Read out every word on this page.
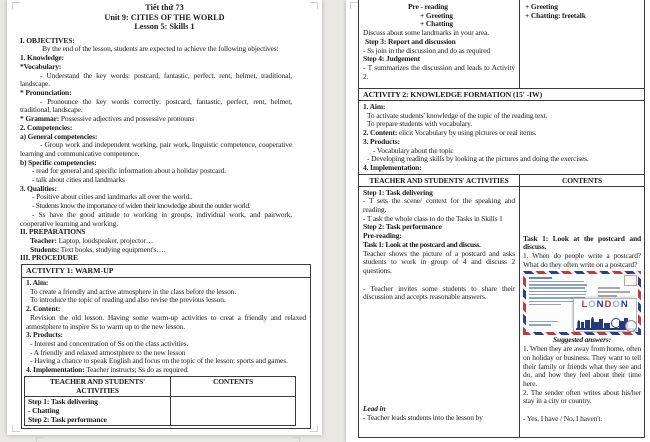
Tiết thứ 73
Unit 9: CITIES OF THE WORLD
Lesson 5: Skills 1
I. OBJECTIVES:
By the end of the lesson, students are expected to achieve the following objectives:
1. Knowledge:
*Vocabulary:
- Understand the key words: postcard, fantastic, perfect, rent, helmet, traditional, landscape.
* Pronunciation:
- Pronounce the key words correctly: postcard, fantastic, perfect, rent, helmet, traditional, landscape.
* Grammar: Possessive adjectives and possessive pronouns
2. Competencies:
a) General competencies:
- Group work and independent working, pair work, linguistic competence, cooperative learning and communicative competence.
b) Specific competencies:
- read for general and specific information about a holiday postcard.
- talk about cities and landmarks
3. Qualities:
- Positive about cities and landmarks all over the world..
- Students know the importance of widen their knowledge about the outder world.
- Ss have the good attitude to working in groups, individual work, and pairwork, cooperative learning and working.
II. PREPARATIONS
Teacher: Laptop, loudspeaker, projector…
Students: Text books, studying equipment's….
III. PROCEDURE
ACTIVITY 1: WARM-UP
1. Aim:
To create a friendly and active atmosphere in the class before the lesson.
To introduce the topic of reading and also revise the previous lesson.
2. Content:
Revision the old lesson. Having some warm-up activities to creat a friendly and relaxed atmostphere to inspire Ss to warm up to the new lesson.
3. Products:
- Interest and concentration of Ss on the class activities.
- A friendly and relaxed atmostphere to the new lesson
- Having a chance to speak English and focus on the topic of the lesson: sports and games.
4. Implementation: Teacher instructs; Ss do as required.
TEACHER AND STUDENTS' ACTIVITIES
CONTENTS
Step 1: Task delivering
- Chatting
Step 2: Task performance
Pre - reading
+ Greeting
+ Chatting
Discuss about some landmarks in your area.
Step 3: Report and discussion
- Ss join in the discussion and do as required
Step 4: Judgement
- T summarizes the discussion and leads to Activity 2.
+ Greeting
+ Chatting: freetalk
ACTIVITY 2: KNOWLEDGE FORMATION (15' -IW)
1. Aim:
To activate students' knowledge of the topic of the reading text.
To prepare students with vocabulary.
2. Content: elicit Vocabulary by using pictures or real items.
3. Products:
- Vocabulary about the topic
- Developing reading skills by looking at the pictures and doing the exercises.
4. Implementation:
TEACHER AND STUDENTS' ACTIVITIES	CONTENTS
Step 1: Task delivering
- T sets the scene/ context for the speaking and reading.
- T ask the whole class to do the Tasks in Skills 1
Step 2: Task performance
Pre-reading:
Task 1: Look at the postcard and discuss.
Teacher shows the picture of a postcard and asks students to work in group of 4 and discuss 2 questions.
- Teacher invites some students to share their discussion and accepts reasonable answers.
Lead in
- Teacher leads students into the lesson by
Task 1: Look at the postcard and discuss.
1. When do people write a postcard? What do they often write on a postcard?
LONDON
Suggested answers:
1. When they are away from home, often on holiday or business. They want to tell their family or friends what they see and do, and how they feel about their time here.
2. The sender often writes about his/her stay in a city or country.
- Yes, I have / No, I haven't.
